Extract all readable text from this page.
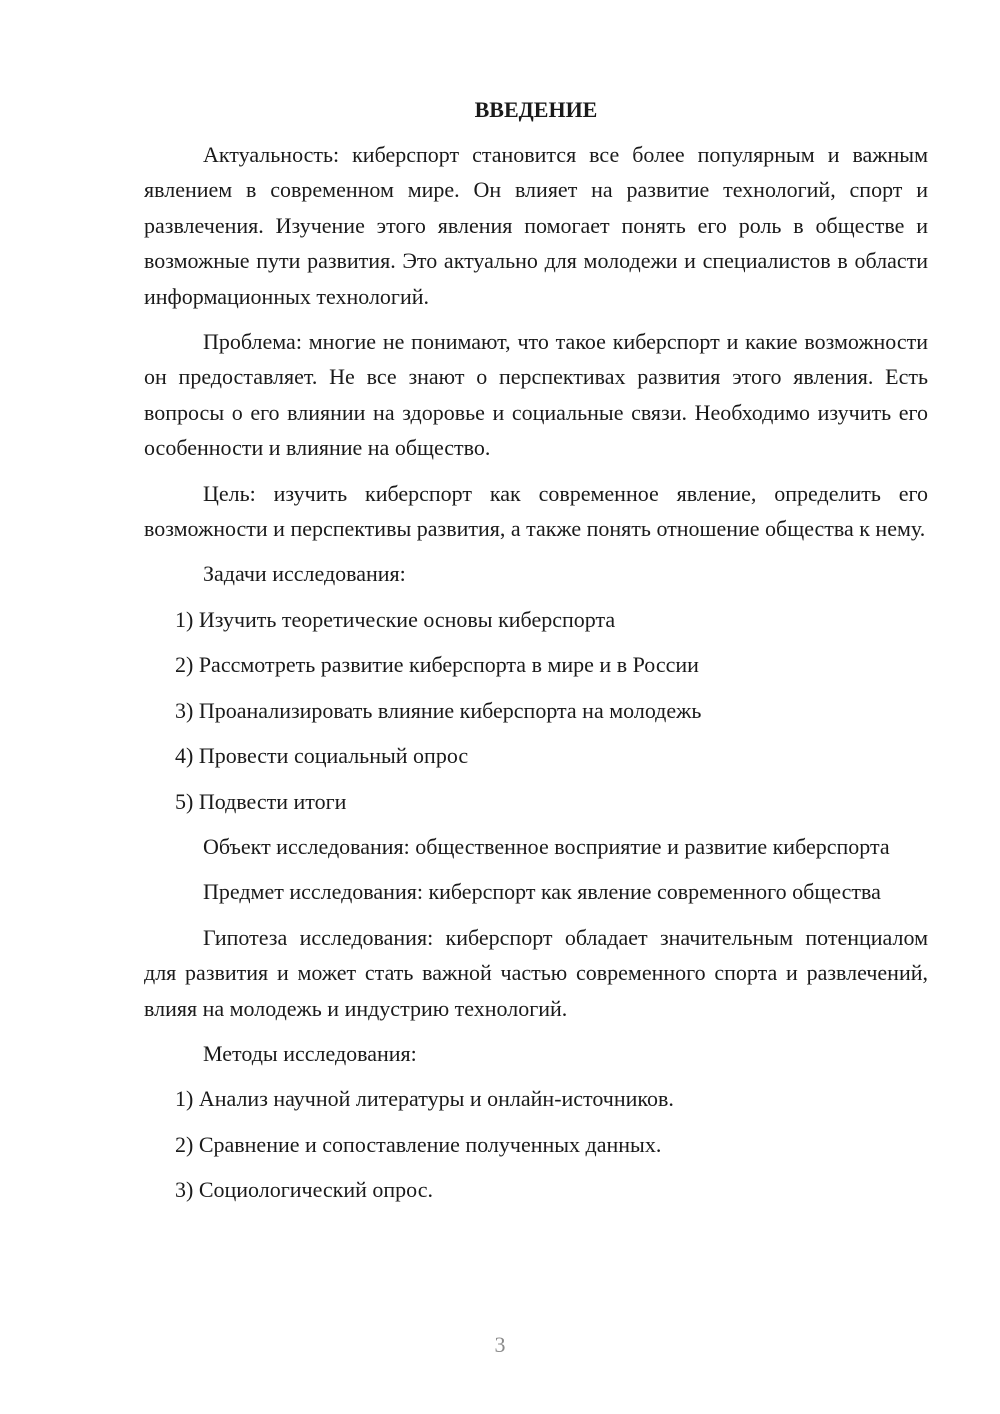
ВВЕДЕНИЕ

Актуальность: киберспорт становится все более популярным и важным явлением в современном мире. Он влияет на развитие технологий, спорт и развлечения. Изучение этого явления помогает понять его роль в обществе и возможные пути развития. Это актуально для молодежи и специалистов в области информационных технологий.

Проблема: многие не понимают, что такое киберспорт и какие возможности он предоставляет. Не все знают о перспективах развития этого явления. Есть вопросы о его влиянии на здоровье и социальные связи. Необходимо изучить его особенности и влияние на общество.

Цель: изучить киберспорт как современное явление, определить его возможности и перспективы развития, а также понять отношение общества к нему.

Задачи исследования:

1) Изучить теоретические основы киберспорта
2) Рассмотреть развитие киберспорта в мире и в России
3) Проанализировать влияние киберспорта на молодежь
4) Провести социальный опрос
5) Подвести итоги

Объект исследования: общественное восприятие и развитие киберспорта

Предмет исследования: киберспорт как явление современного общества

Гипотеза исследования: киберспорт обладает значительным потенциалом для развития и может стать важной частью современного спорта и развлечений, влияя на молодежь и индустрию технологий.

Методы исследования:

1) Анализ научной литературы и онлайн-источников.
2) Сравнение и сопоставление полученных данных.
3) Социологический опрос.
3
